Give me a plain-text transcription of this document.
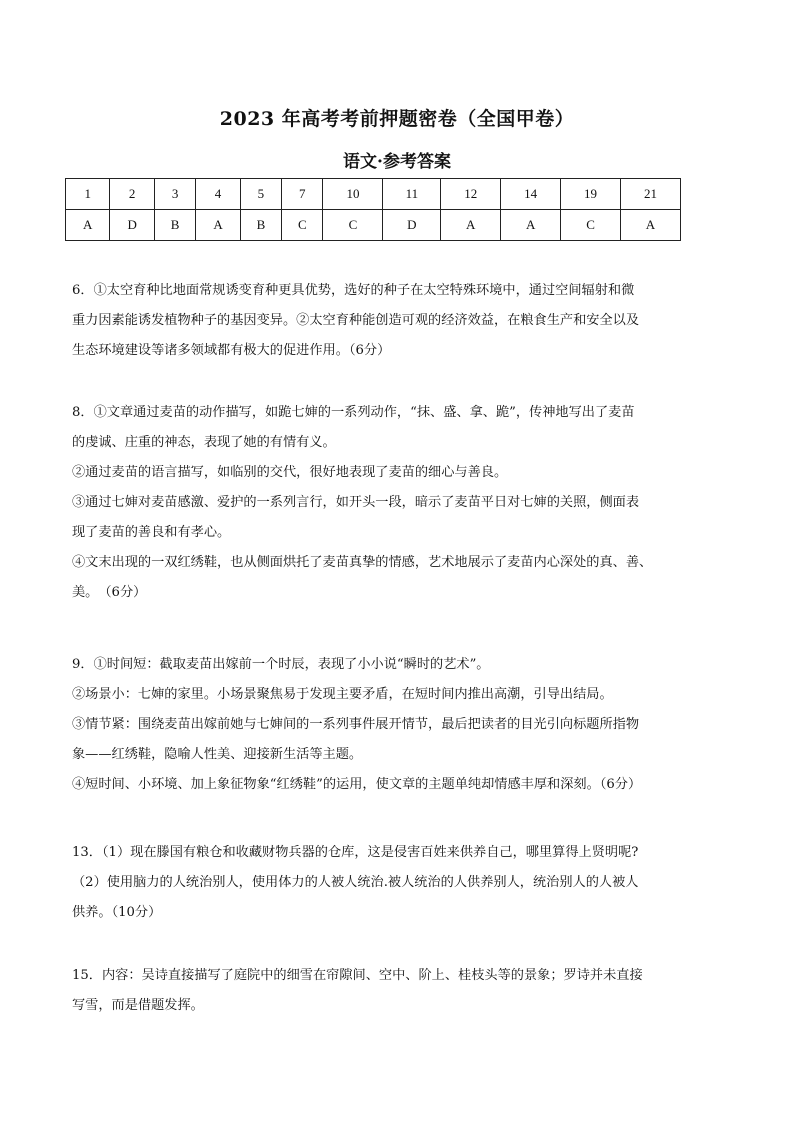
2023 年高考考前押题密卷（全国甲卷）
语文·参考答案
1	2	3	4	5	7	10	11	12	14	19	21
A	D	B	A	B	C	C	D	A	A	C	A

6．①太空育种比地面常规诱变育种更具优势，选好的种子在太空特殊环境中，通过空间辐射和微

重力因素能诱发植物种子的基因变异。②太空育种能创造可观的经济效益，在粮食生产和安全以及

生态环境建设等诸多领域都有极大的促进作用。（6分）

8．①文章通过麦苗的动作描写，如跪七婶的一系列动作，“抹、盛、拿、跪”，传神地写出了麦苗

的虔诚、庄重的神态，表现了她的有情有义。

②通过麦苗的语言描写，如临别的交代，很好地表现了麦苗的细心与善良。

③通过七婶对麦苗感激、爱护的一系列言行，如开头一段，暗示了麦苗平日对七婶的关照，侧面表

现了麦苗的善良和有孝心。

④文末出现的一双红绣鞋，也从侧面烘托了麦苗真挚的情感，艺术地展示了麦苗内心深处的真、善、

美。　（6分）

9．①时间短：截取麦苗出嫁前一个时辰，表现了小小说“瞬时的艺术”。

②场景小：七婶的家里。小场景聚焦易于发现主要矛盾，在短时间内推出高潮，引导出结局。

③情节紧：围绕麦苗出嫁前她与七婶间的一系列事件展开情节，最后把读者的目光引向标题所指物

象——红绣鞋，隐喻人性美、迎接新生活等主题。

④短时间、小环境、加上象征物象“红绣鞋”的运用，使文章的主题单纯却情感丰厚和深刻。（6分）

13．（1）现在滕国有粮仓和收藏财物兵器的仓库，这是侵害百姓来供养自己，哪里算得上贤明呢?

（2）使用脑力的人统治别人，使用体力的人被人统治.被人统治的人供养别人，统治别人的人被人

供养。（10分）

15．内容：吴诗直接描写了庭院中的细雪在帘隙间、空中、阶上、桂枝头等的景象；罗诗并未直接

写雪，而是借题发挥。
